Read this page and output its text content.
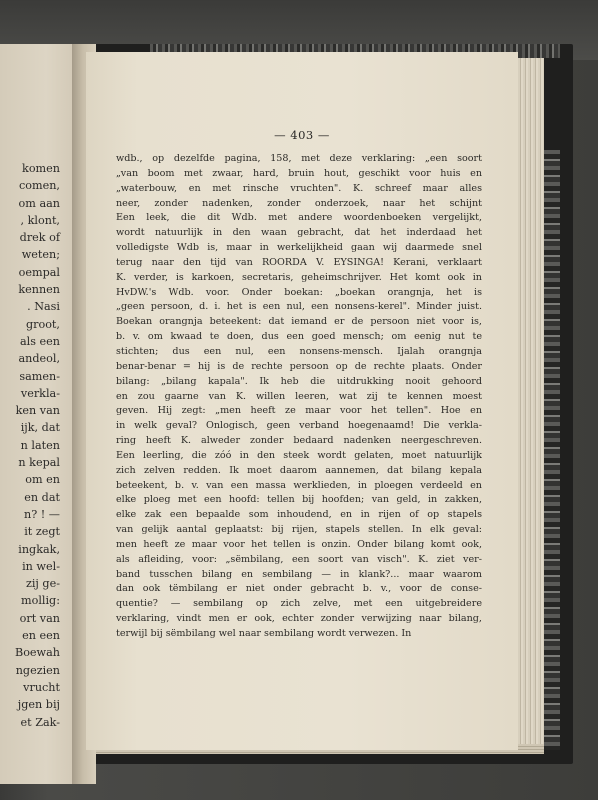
komen
comen,
om aan
, klont,
drek of
weten;
oempal
kennen
. Nasi
groot,
als een
andeol,
samen-
verkla-
ken van
ijk, dat
n laten
n kepal
om en
en dat
n? ! —
it zegt
ingkak,
in wel-
zij ge-
mollig:
ort van
en een
Boewah
ngezien
vrucht
jgen bij
et Zak-
— 403 —
wdb., op dezelfde pagina, 158, met deze verklaring: „een soort
„van boom met zwaar, hard, bruin hout, geschikt voor huis en
„waterbouw, en met rinsche vruchten". K. schreef maar alles
neer, zonder nadenken, zonder onderzoek, naar het schijnt
Een leek, die dit Wdb. met andere woordenboeken vergelijkt,
wordt natuurlijk in den waan gebracht, dat het inderdaad het
volledigste Wdb is, maar in werkelijkheid gaan wij daarmede snel
terug naar den tijd van ROORDA V. EYSINGA! Kerani, verklaart
K. verder, is karkoen, secretaris, geheimschrijver. Het komt ook in
HvDW.'s Wdb. voor. Onder boekan: „boekan orangnja, het is
„geen persoon, d. i. het is een nul, een nonsens-kerel". Minder juist.
Boekan orangnja beteekent: dat iemand er de persoon niet voor is,
b. v. om kwaad te doen, dus een goed mensch; om eenig nut te
stichten; dus een nul, een nonsens-mensch. Ijalah orangnja
benar-benar = hij is de rechte persoon op de rechte plaats. Onder
bilang: „bilang kapala". Ik heb die uitdrukking nooit gehoord
en zou gaarne van K. willen leeren, wat zij te kennen moest
geven. Hij zegt: „men heeft ze maar voor het tellen". Hoe en
in welk geval? Onlogisch, geen verband hoegenaamd! Die verkla-
ring heeft K. alweder zonder bedaard nadenken neergeschreven.
Een leerling, die zóó in den steek wordt gelaten, moet natuurlijk
zich zelven redden. Ik moet daarom aannemen, dat bilang kepala
beteekent, b. v. van een massa werklieden, in ploegen verdeeld en
elke ploeg met een hoofd: tellen bij hoofden; van geld, in zakken,
elke zak een bepaalde som inhoudend, en in rijen of op stapels
van gelijk aantal geplaatst: bij rijen, stapels stellen. In elk geval:
men heeft ze maar voor het tellen is onzin. Onder bilang komt ook,
als afleiding, voor: „sëmbilang, een soort van visch". K. ziet ver-
band tusschen bilang en sembilang — in klank?... maar waarom
dan ook tëmbilang er niet onder gebracht b. v., voor de conse-
quentie? — sembilang op zich zelve, met een uitgebreidere
verklaring, vindt men er ook, echter zonder verwijzing naar bilang,
terwijl bij sëmbilang wel naar sembilang wordt verwezen. In
